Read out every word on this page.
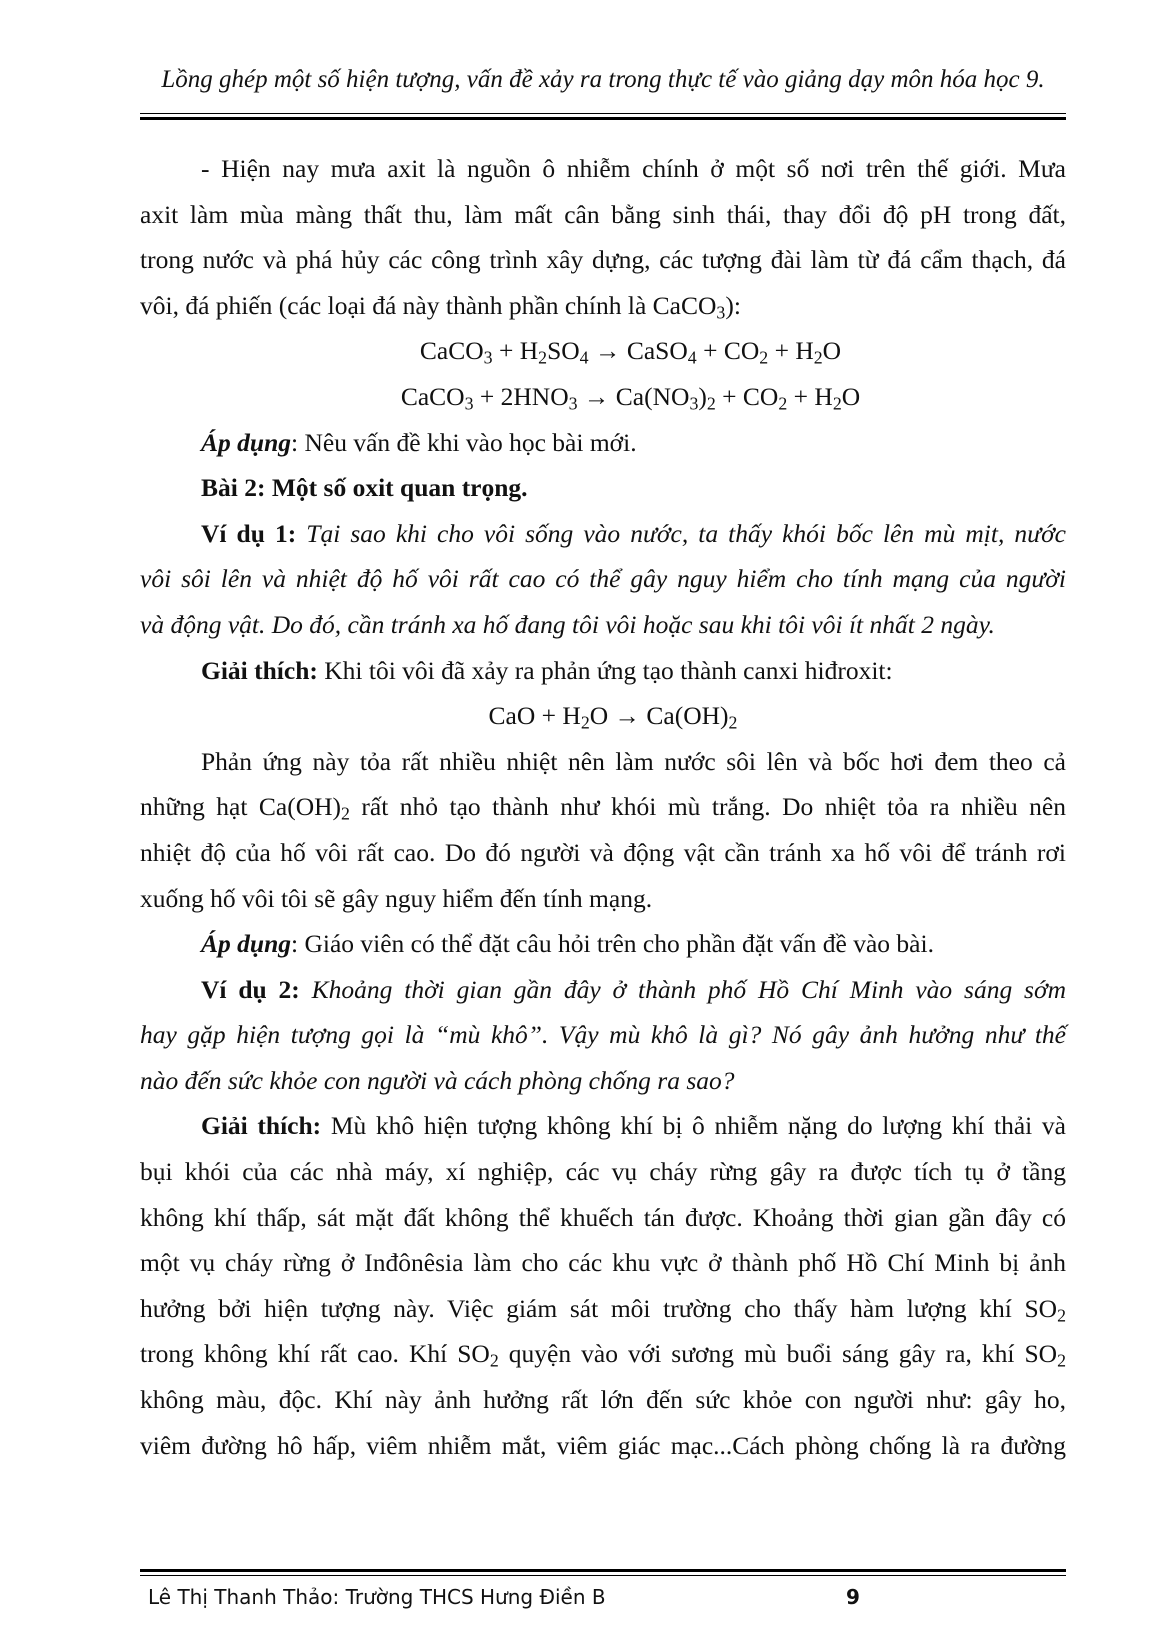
Lồng ghép một số hiện tượng, vấn đề xảy ra trong thực tế vào giảng dạy môn hóa học 9.
- Hiện nay mưa axit là nguồn ô nhiễm chính ở một số nơi trên thế giới. Mưa
axit làm mùa màng thất thu, làm mất cân bằng sinh thái, thay đổi độ pH trong đất,
trong nước và phá hủy các công trình xây dựng, các tượng đài làm từ đá cẩm thạch, đá
vôi, đá phiến (các loại đá này thành phần chính là CaCO$_3$):
CaCO$_3$ + $H_2SO_4$ → CaSO$_4$ + $CO_2 + H_2O$
CaCO$_3$ + $2HNO_3 \to Ca(NO_3)_2 + CO_2 + H_2O$
Áp dụng: Nêu vấn đề khi vào học bài mới.
Bài 2: Một số oxit quan trọng.
Ví dụ 1: Tại sao khi cho vôi sống vào nước, ta thấy khói bốc lên mù mịt, nước
vôi sôi lên và nhiệt độ hố vôi rất cao có thể gây nguy hiểm cho tính mạng của người
và động vật. Do đó, cần tránh xa hố đang tôi vôi hoặc sau khi tôi vôi ít nhất 2 ngày.
Giải thích: Khi tôi vôi đã xảy ra phản ứng tạo thành canxi hiđroxit:
CaO + $H_2O \to Ca(OH)_2$
Phản ứng này tỏa rất nhiều nhiệt nên làm nước sôi lên và bốc hơi đem theo cả
những hạt $Ca(OH)_2$ rất nhỏ tạo thành như khói mù trắng. Do nhiệt tỏa ra nhiều nên
nhiệt độ của hố vôi rất cao. Do đó người và động vật cần tránh xa hố vôi để tránh rơi
xuống hố vôi tôi sẽ gây nguy hiểm đến tính mạng.
Áp dụng: Giáo viên có thể đặt câu hỏi trên cho phần đặt vấn đề vào bài.
Ví dụ 2: Khoảng thời gian gần đây ở thành phố Hồ Chí Minh vào sáng sớm
hay gặp hiện tượng gọi là “mù khô”. Vậy mù khô là gì? Nó gây ảnh hưởng như thế
nào đến sức khỏe con người và cách phòng chống ra sao?
Giải thích: Mù khô hiện tượng không khí bị ô nhiễm nặng do lượng khí thải và
bụi khói của các nhà máy, xí nghiệp, các vụ cháy rừng gây ra được tích tụ ở tầng
không khí thấp, sát mặt đất không thể khuếch tán được. Khoảng thời gian gần đây có
một vụ cháy rừng ở Inđônêsia làm cho các khu vực ở thành phố Hồ Chí Minh bị ảnh
hưởng bởi hiện tượng này. Việc giám sát môi trường cho thấy hàm lượng khí $SO_2$
trong không khí rất cao. Khí $SO_2$ quyện vào với sương mù buổi sáng gây ra, khí $SO_2$
không màu, độc. Khí này ảnh hưởng rất lớn đến sức khỏe con người như: gây ho,
viêm đường hô hấp, viêm nhiễm mắt, viêm giác mạc...Cách phòng chống là ra đường
Lê Thị Thanh Thảo: Trường THCS Hưng Điền B	9
